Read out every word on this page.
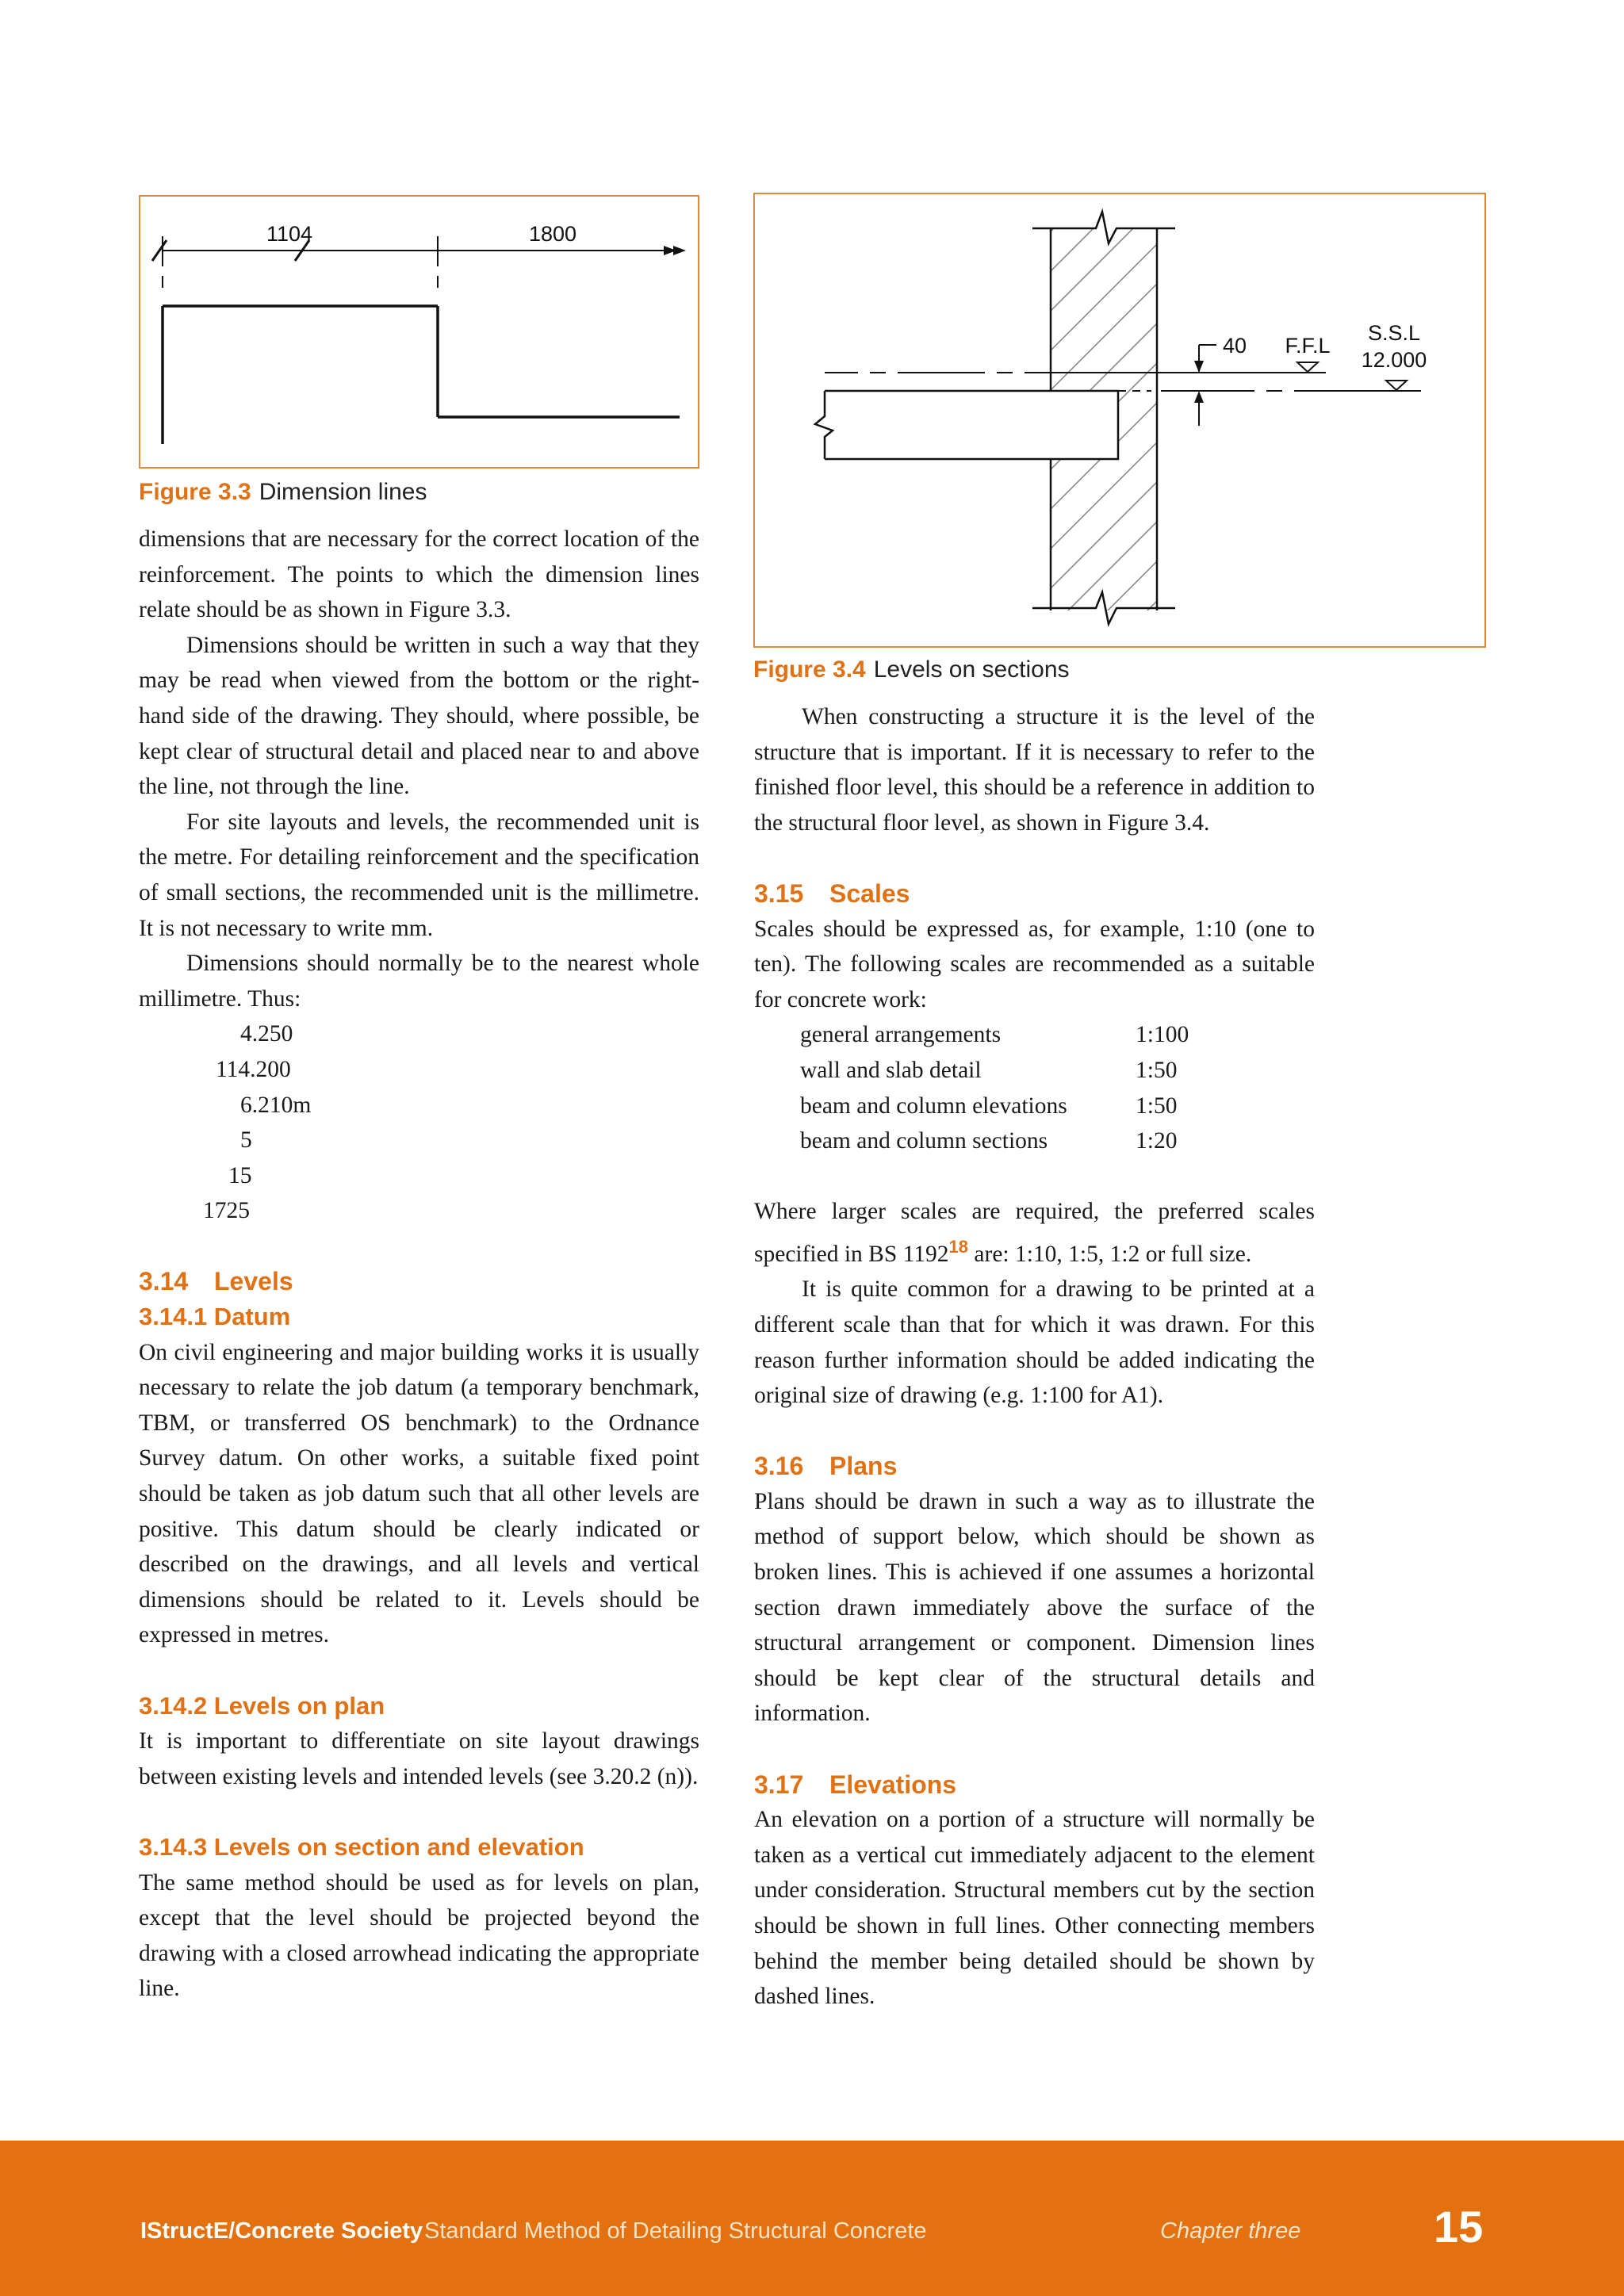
1104	1800
Figure 3.3 Dimension lines
40 F.F.L
S.S.L
12.000
Figure 3.4 Levels on sections

dimensions that are necessary for the correct location of the reinforcement. The points to which the dimension lines relate should be as shown in Figure 3.3.

Dimensions should be written in such a way that they may be read when viewed from the bottom or the right-hand side of the drawing. They should, where possible, be kept clear of structural detail and placed near to and above the line, not through the line.

For site layouts and levels, the recommended unit is the metre. For detailing reinforcement and the specification of small sections, the recommended unit is the millimetre. It is not necessary to write mm.

Dimensions should normally be to the nearest whole millimetre. Thus:

4.250
114.200
6.210m
5
15
1725
3.14 Levels
3.14.1 Datum

On civil engineering and major building works it is usually necessary to relate the job datum (a temporary benchmark, TBM, or transferred OS benchmark) to the Ordnance Survey datum. On other works, a suitable fixed point should be taken as job datum such that all other levels are positive. This datum should be clearly indicated or described on the drawings, and all levels and vertical dimensions should be related to it. Levels should be expressed in metres.

3.14.2 Levels on plan

It is important to differentiate on site layout drawings between existing levels and intended levels (see 3.20.2 (n)).

3.14.3 Levels on section and elevation

The same method should be used as for levels on plan, except that the level should be projected beyond the drawing with a closed arrowhead indicating the appropriate line.

When constructing a structure it is the level of the structure that is important. If it is necessary to refer to the finished floor level, this should be a reference in addition to the structural floor level, as shown in Figure 3.4.

3.15 Scales

Scales should be expressed as, for example, 1:10 (one to ten). The following scales are recommended as a suitable for concrete work:

general arrangements	1:100
wall and slab detail	1:50
beam and column elevations	1:50
beam and column sections	1:20

Where larger scales are required, the preferred scales specified in BS 1192$^{18}$ are: 1:10, 1:5, 1:2 or full size.

It is quite common for a drawing to be printed at a different scale than that for which it was drawn. For this reason further information should be added indicating the original size of drawing (e.g. 1:100 for A1).

3.16 Plans

Plans should be drawn in such a way as to illustrate the method of support below, which should be shown as broken lines. This is achieved if one assumes a horizontal section drawn immediately above the surface of the structural arrangement or component. Dimension lines should be kept clear of the structural details and information.

3.17 Elevations

An elevation on a portion of a structure will normally be taken as a vertical cut immediately adjacent to the element under consideration. Structural members cut by the section should be shown in full lines. Other connecting members behind the member being detailed should be shown by dashed lines.

IStructE/Concrete Society Standard Method of Detailing Structural Concrete	Chapter three	15
